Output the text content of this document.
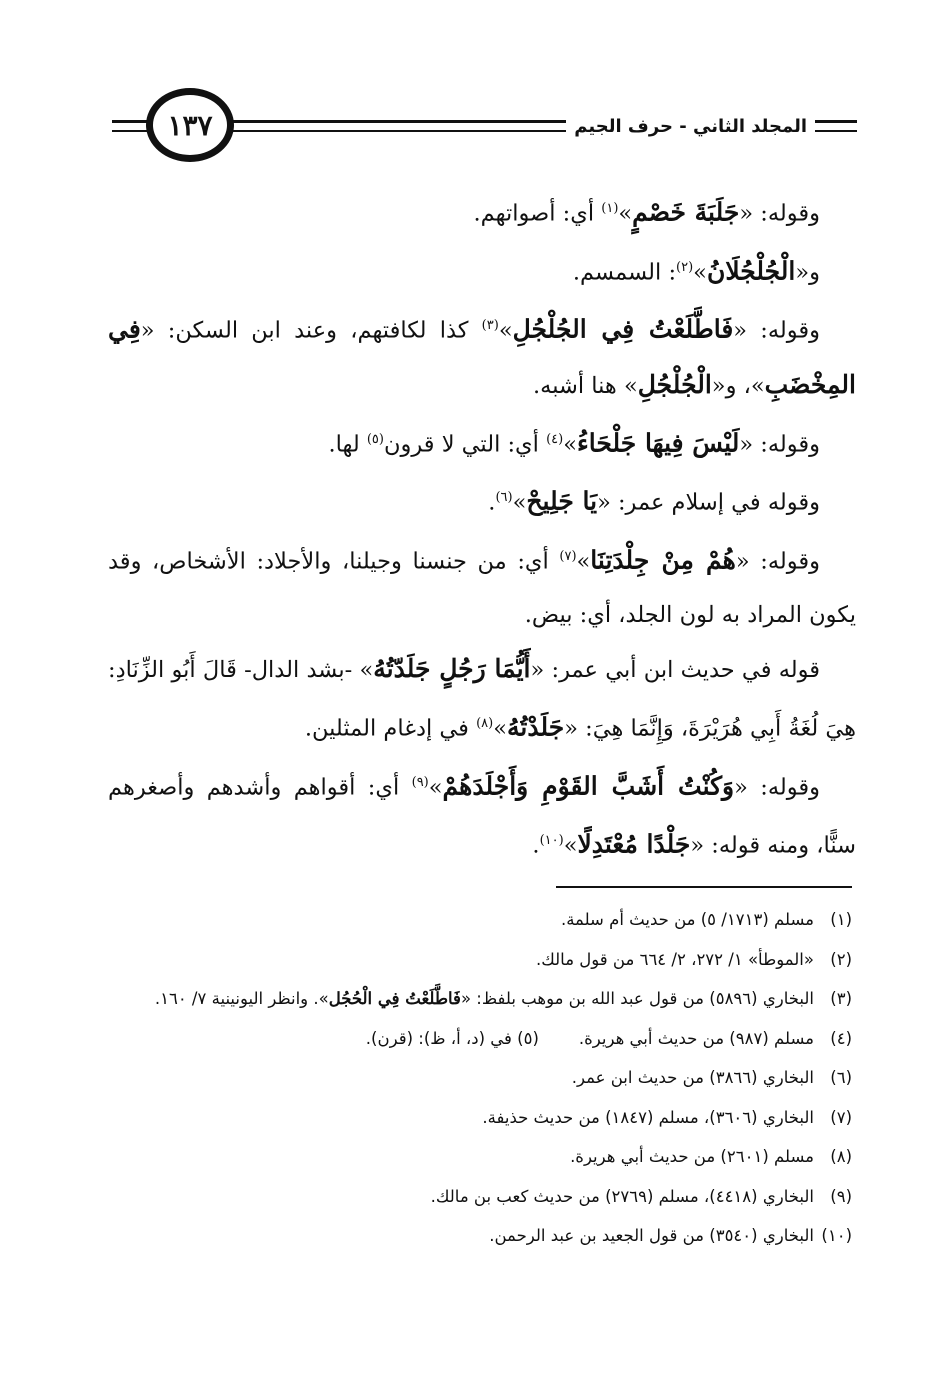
المجلد الثاني - حرف الجيم
١٣٧

وقوله: «جَلَبَةَ خَصْمٍ»$^{(١)}$ أي: أصواتهم.

و«الْجُلْجُلَانُ»$^{(٢)}$: السمسم.

وقوله: «فَاطَّلَعْتُ فِي الجُلْجُلِ»$^{(٣)}$ كذا لكافتهم، وعند ابن السكن: «فِي المِخْضَبِ»، و«الْجُلْجُلِ» هنا أشبه.

وقوله: «لَيْسَ فِيهَا جَلْحَاءُ»$^{(٤)}$ أي: التي لا قرون$^{(٥)}$ لها.

وقوله في إسلام عمر: «يَا جَلِيحْ»$^{(٦)}$.

وقوله: «هُمْ مِنْ جِلْدَتِنَا»$^{(٧)}$ أي: من جنسنا وجيلنا، والأجلاد: الأشخاص، وقد يكون المراد به لون الجلد، أي: بيض.

قوله في حديث ابن أبي عمر: «أَيُّمَا رَجُلٍ جَلَدّتُهُ» -بشد الدال- قَالَ أَبُو الزِّنَادِ: هِيَ لُغَةُ أَبِي هُرَيْرَةَ، وَإِنَّمَا هِيَ: «جَلَدْتُهُ»$^{(٨)}$ في إدغام المثلين.

وقوله: «وَكُنْتُ أَشَبَّ القَوْمِ وَأَجْلَدَهُمْ»$^{(٩)}$ أي: أقواهم وأشدهم وأصغرهم سنًّا، ومنه قوله: «جَلْدًا مُعْتَدِلًا»$^{(١٠)}$.

(١)
مسلم (١٧١٣/ ٥) من حديث أم سلمة.
(٢)
«الموطأ» ١/ ٢٧٢، ٢/ ٦٦٤ من قول مالك.
(٣)
البخاري (٥٨٩٦) من قول عبد الله بن موهب بلفظ: «فَاطَّلَعْتُ فِي الْحُجُل». وانظر اليونينية ٧/ ١٦٠.
(٤)
مسلم (٩٨٧) من حديث أبي هريرة.(٥) في (د، أ، ظ): (قرن).
(٦)
البخاري (٣٨٦٦) من حديث ابن عمر.
(٧)
البخاري (٣٦٠٦)، مسلم (١٨٤٧) من حديث حذيفة.
(٨)
مسلم (٢٦٠١) من حديث أبي هريرة.
(٩)
البخاري (٤٤١٨)، مسلم (٢٧٦٩) من حديث كعب بن مالك.
(١٠)
البخاري (٣٥٤٠) من قول الجعيد بن عبد الرحمن.
